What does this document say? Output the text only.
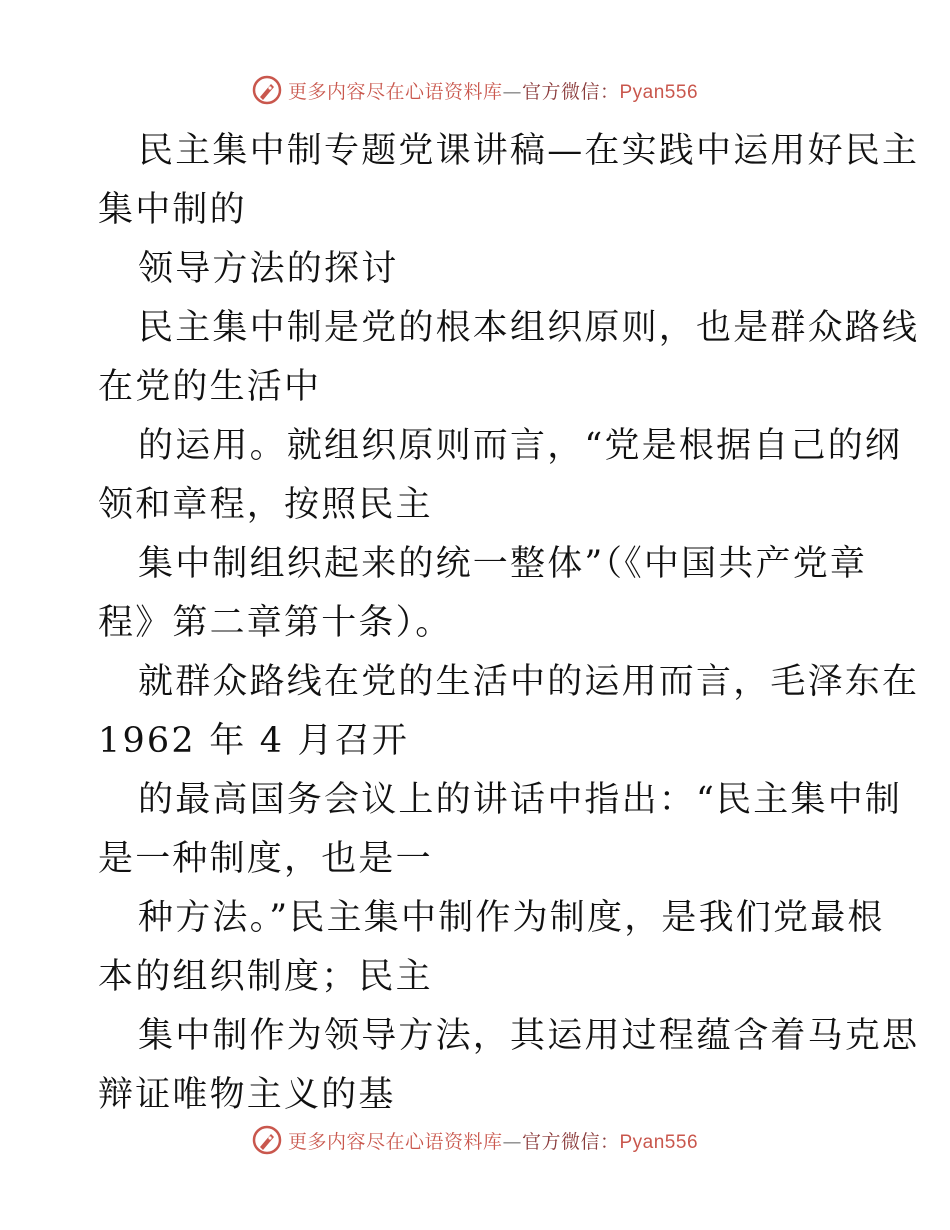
更多内容尽在心语资料库—官方微信：Pyan556
民主集中制专题党课讲稿—在实践中运用好民主
集中制的
领导方法的探讨
民主集中制是党的根本组织原则，也是群众路线
在党的生活中
的运用。就组织原则而言，“党是根据自己的纲
领和章程，按照民主
集中制组织起来的统一整体”（《中国共产党章
程》第二章第十条）。
就群众路线在党的生活中的运用而言，毛泽东在
1962 年 4 月召开
的最高国务会议上的讲话中指出：“民主集中制
是一种制度，也是一
种方法。”民主集中制作为制度，是我们党最根
本的组织制度；民主
集中制作为领导方法，其运用过程蕴含着马克思
辩证唯物主义的基
更多内容尽在心语资料库—官方微信：Pyan556
